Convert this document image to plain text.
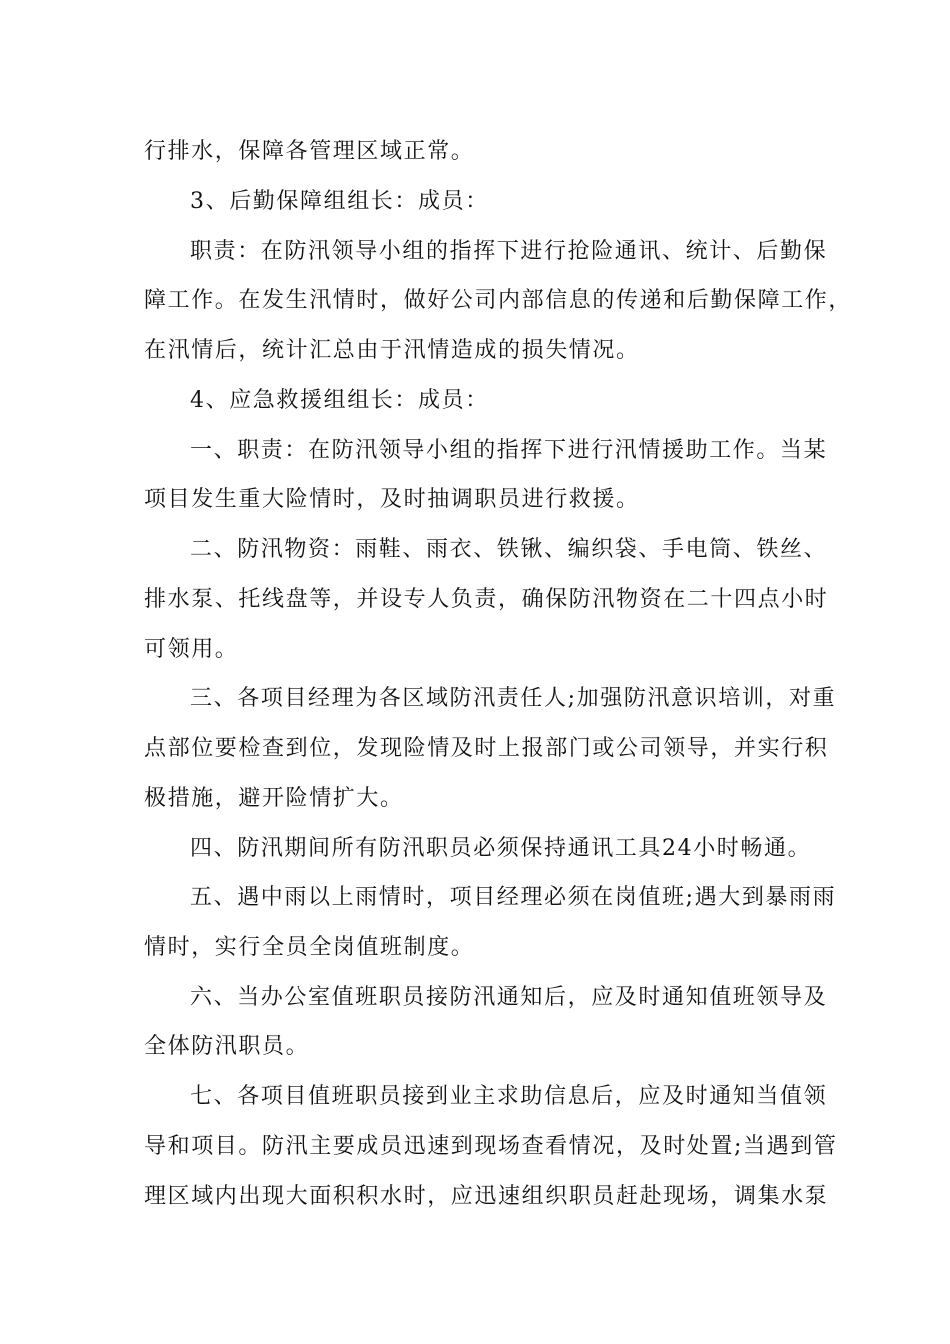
行排水，保障各管理区域正常。
3、后勤保障组组长：成员：
职责：在防汛领导小组的指挥下进行抢险通讯、统计、后勤保
障工作。在发生汛情时，做好公司内部信息的传递和后勤保障工作，
在汛情后，统计汇总由于汛情造成的损失情况。
4、应急救援组组长：成员：
一、职责：在防汛领导小组的指挥下进行汛情援助工作。当某
项目发生重大险情时，及时抽调职员进行救援。
二、防汛物资：雨鞋、雨衣、铁锹、编织袋、手电筒、铁丝、
排水泵、托线盘等，并设专人负责，确保防汛物资在二十四点小时
可领用。
三、各项目经理为各区域防汛责任人;加强防汛意识培训，对重
点部位要检查到位，发现险情及时上报部门或公司领导，并实行积
极措施，避开险情扩大。
四、防汛期间所有防汛职员必须保持通讯工具24小时畅通。
五、遇中雨以上雨情时，项目经理必须在岗值班;遇大到暴雨雨
情时，实行全员全岗值班制度。
六、当办公室值班职员接防汛通知后，应及时通知值班领导及
全体防汛职员。
七、各项目值班职员接到业主求助信息后，应及时通知当值领
导和项目。防汛主要成员迅速到现场查看情况，及时处置;当遇到管
理区域内出现大面积积水时，应迅速组织职员赶赴现场，调集水泵
